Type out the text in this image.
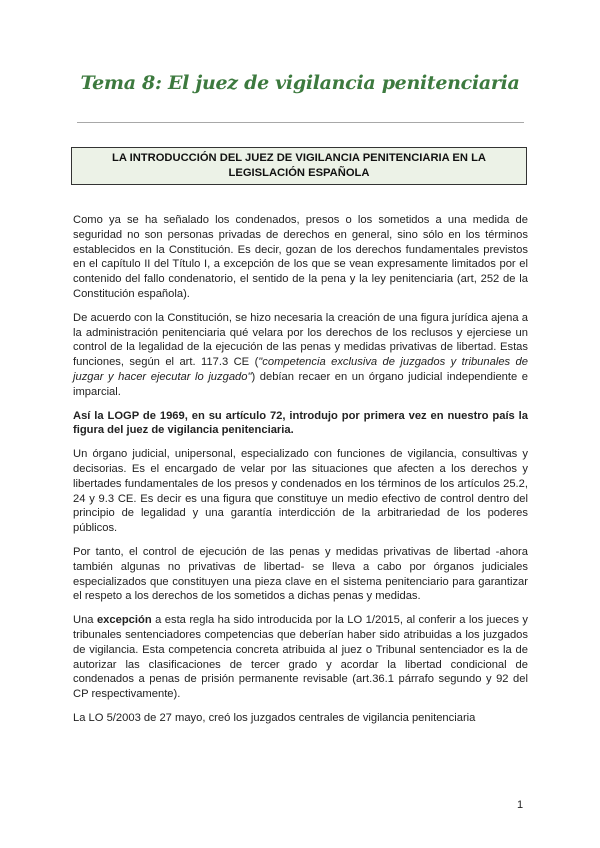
Tema 8: El juez de vigilancia penitenciaria
LA INTRODUCCIÓN DEL JUEZ DE VIGILANCIA PENITENCIARIA EN LA LEGISLACIÓN ESPAÑOLA

Como ya se ha señalado los condenados, presos o los sometidos a una medida de seguridad no son personas privadas de derechos en general, sino sólo en los términos establecidos en la Constitución. Es decir, gozan de los derechos fundamentales previstos en el capítulo II del Título I, a excepción de los que se vean expresamente limitados por el contenido del fallo condenatorio, el sentido de la pena y la ley penitenciaria (art, 252 de la Constitución española).

De acuerdo con la Constitución, se hizo necesaria la creación de una figura jurídica ajena a la administración penitenciaria qué velara por los derechos de los reclusos y ejerciese un control de la legalidad de la ejecución de las penas y medidas privativas de libertad. Estas funciones, según el art. 117.3 CE ("competencia exclusiva de juzgados y tribunales de juzgar y hacer ejecutar lo juzgado") debían recaer en un órgano judicial independiente e imparcial.

Así la LOGP de 1969, en su artículo 72, introdujo por primera vez en nuestro país la figura del juez de vigilancia penitenciaria.

Un órgano judicial, unipersonal, especializado con funciones de vigilancia, consultivas y decisorias. Es el encargado de velar por las situaciones que afecten a los derechos y libertades fundamentales de los presos y condenados en los términos de los artículos 25.2, 24 y 9.3 CE. Es decir es una figura que constituye un medio efectivo de control dentro del principio de legalidad y una garantía interdicción de la arbitrariedad de los poderes públicos.

Por tanto, el control de ejecución de las penas y medidas privativas de libertad -ahora también algunas no privativas de libertad- se lleva a cabo por órganos judiciales especializados que constituyen una pieza clave en el sistema penitenciario para garantizar el respeto a los derechos de los sometidos a dichas penas y medidas.

Una excepción a esta regla ha sido introducida por la LO 1/2015, al conferir a los jueces y tribunales sentenciadores competencias que deberían haber sido atribuidas a los juzgados de vigilancia. Esta competencia concreta atribuida al juez o Tribunal sentenciador es la de autorizar las clasificaciones de tercer grado y acordar la libertad condicional de condenados a penas de prisión permanente revisable (art.36.1 párrafo segundo y 92 del CP respectivamente).

La LO 5/2003 de 27 mayo, creó los juzgados centrales de vigilancia penitenciaria

1
